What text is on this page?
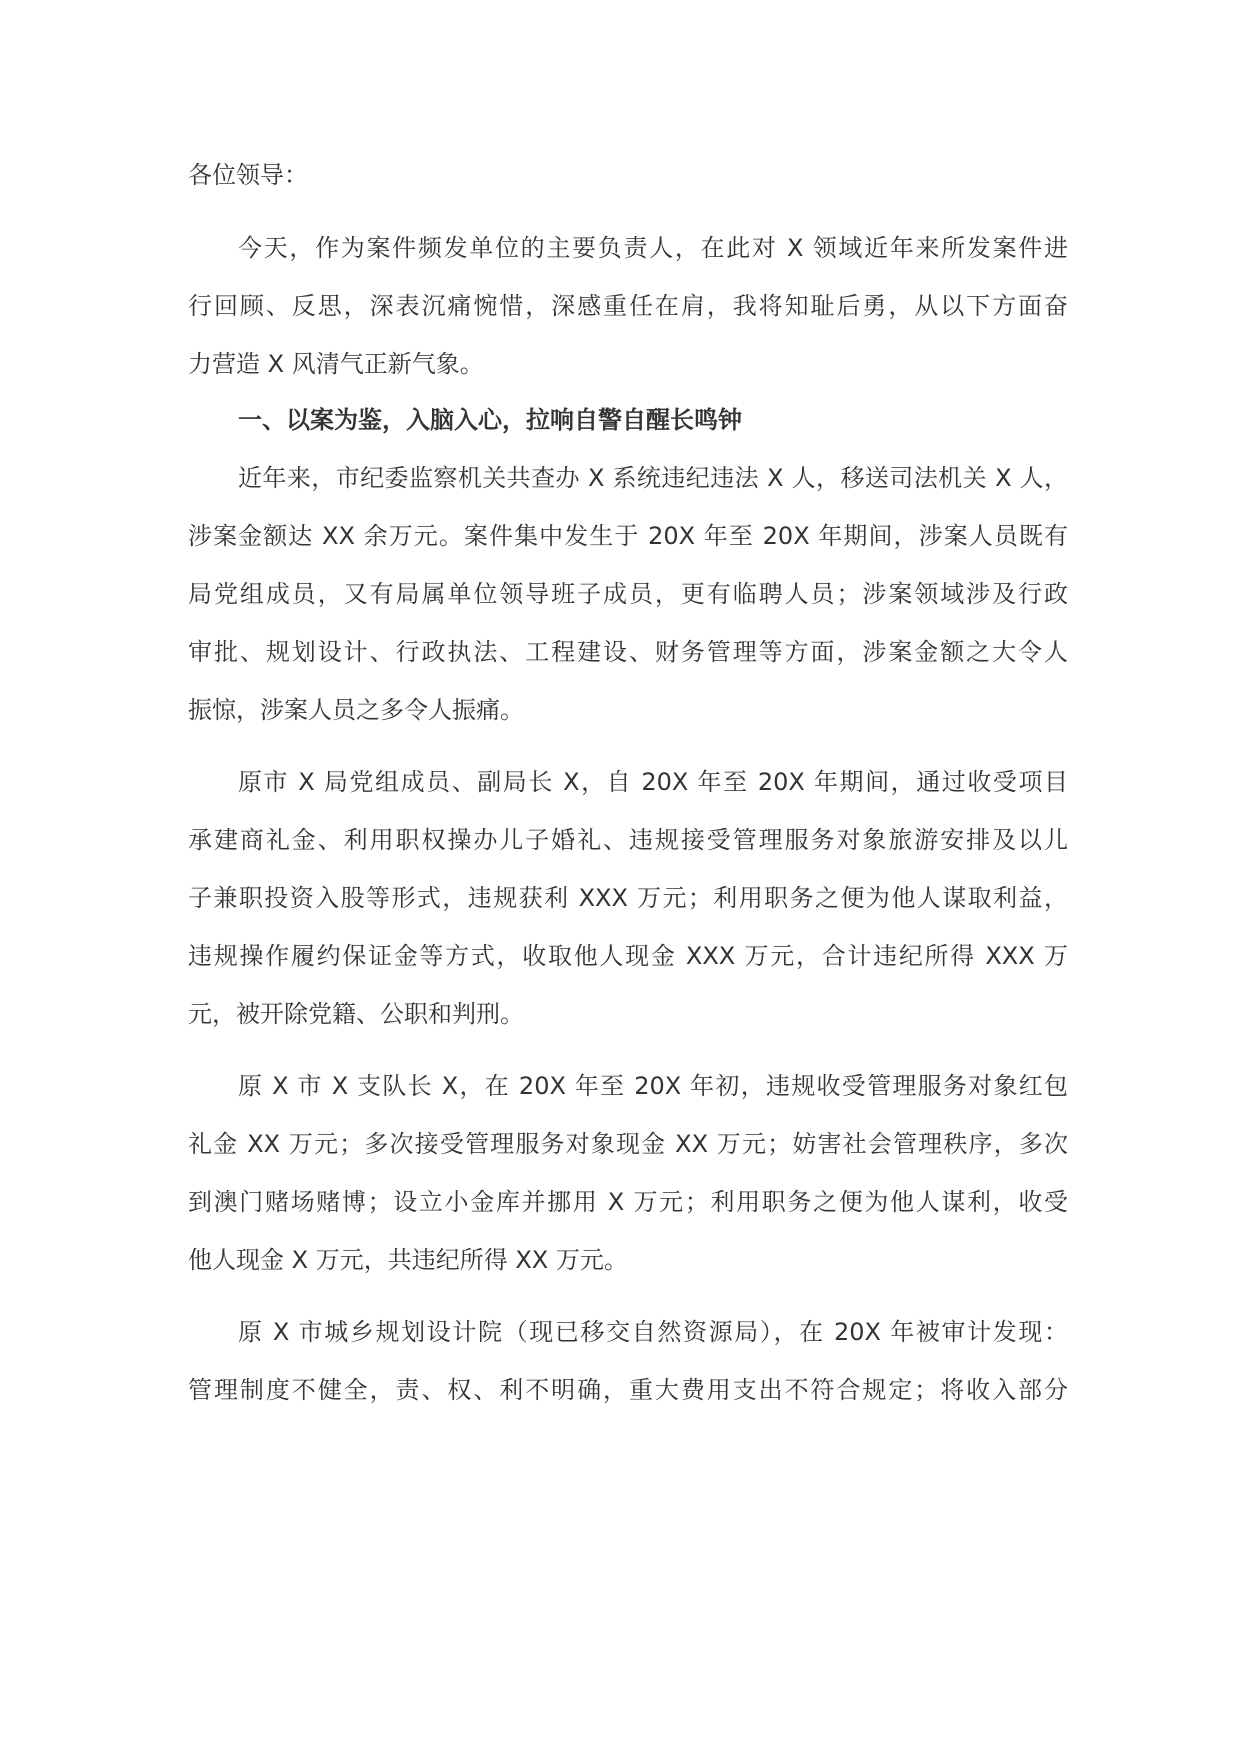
各位领导：
今天，作为案件频发单位的主要负责人，在此对 X 领域近年来所发案件进
行回顾、反思，深表沉痛惋惜，深感重任在肩，我将知耻后勇，从以下方面奋
力营造 X 风清气正新气象。
一、以案为鉴，入脑入心，拉响自警自醒长鸣钟
近年来，市纪委监察机关共查办 X 系统违纪违法 X 人，移送司法机关 X 人，
涉案金额达 XX 余万元。案件集中发生于 20X 年至 20X 年期间，涉案人员既有
局党组成员，又有局属单位领导班子成员，更有临聘人员；涉案领域涉及行政
审批、规划设计、行政执法、工程建设、财务管理等方面，涉案金额之大令人
振惊，涉案人员之多令人振痛。
原市 X 局党组成员、副局长 X，自 20X 年至 20X 年期间，通过收受项目
承建商礼金、利用职权操办儿子婚礼、违规接受管理服务对象旅游安排及以儿
子兼职投资入股等形式，违规获利 XXX 万元；利用职务之便为他人谋取利益，
违规操作履约保证金等方式，收取他人现金 XXX 万元，合计违纪所得 XXX 万
元，被开除党籍、公职和判刑。
原 X 市 X 支队长 X，在 20X 年至 20X 年初，违规收受管理服务对象红包
礼金 XX 万元；多次接受管理服务对象现金 XX 万元；妨害社会管理秩序，多次
到澳门赌场赌博；设立小金库并挪用 X 万元；利用职务之便为他人谋利，收受
他人现金 X 万元，共违纪所得 XX 万元。
原 X 市城乡规划设计院（现已移交自然资源局），在 20X 年被审计发现：
管理制度不健全，责、权、利不明确，重大费用支出不符合规定；将收入部分
